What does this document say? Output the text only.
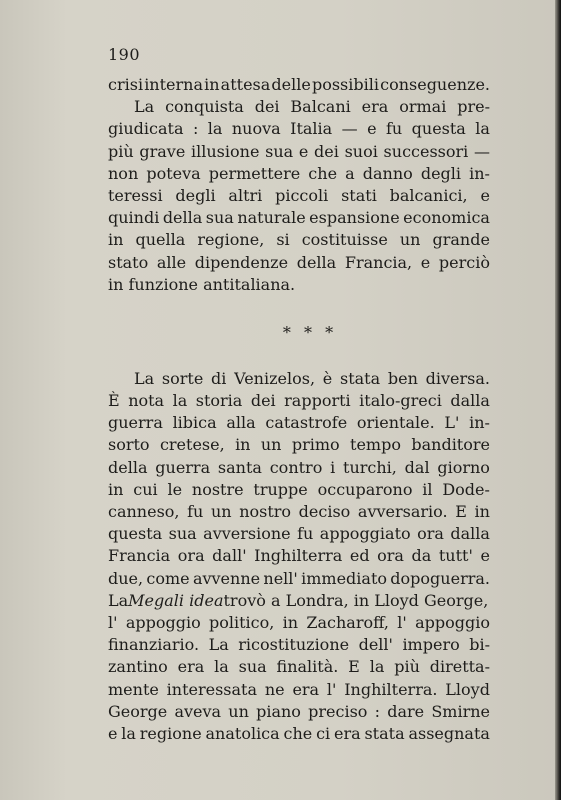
190
crisi interna in attesa delle possibili conseguenze.
La conquista dei Balcani era ormai pre-
giudicata : la nuova Italia — e fu questa la
più grave illusione sua e dei suoi successori —
non poteva permettere che a danno degli in-
teressi degli altri piccoli stati balcanici, e
quindi della sua naturale espansione economica
in quella regione, si costituisse un grande
stato alle dipendenze della Francia, e perciò
in funzione antitaliana.
* * *
La sorte di Venizelos, è stata ben diversa.
È nota la storia dei rapporti italo-greci dalla
guerra libica alla catastrofe orientale. L' in-
sorto cretese, in un primo tempo banditore
della guerra santa contro i turchi, dal giorno
in cui le nostre truppe occuparono il Dode-
canneso, fu un nostro deciso avversario. E in
questa sua avversione fu appoggiato ora dalla
Francia ora dall' Inghilterra ed ora da tutt' e
due, come avvenne nell' immediato dopoguerra.
LaMegali ideatrovò a Londra, in Lloyd George,
l' appoggio politico, in Zacharoff, l' appoggio
finanziario. La ricostituzione dell' impero bi-
zantino era la sua finalità. E la più diretta-
mente interessata ne era l' Inghilterra. Lloyd
George aveva un piano preciso : dare Smirne
e la regione anatolica che ci era stata assegnata
